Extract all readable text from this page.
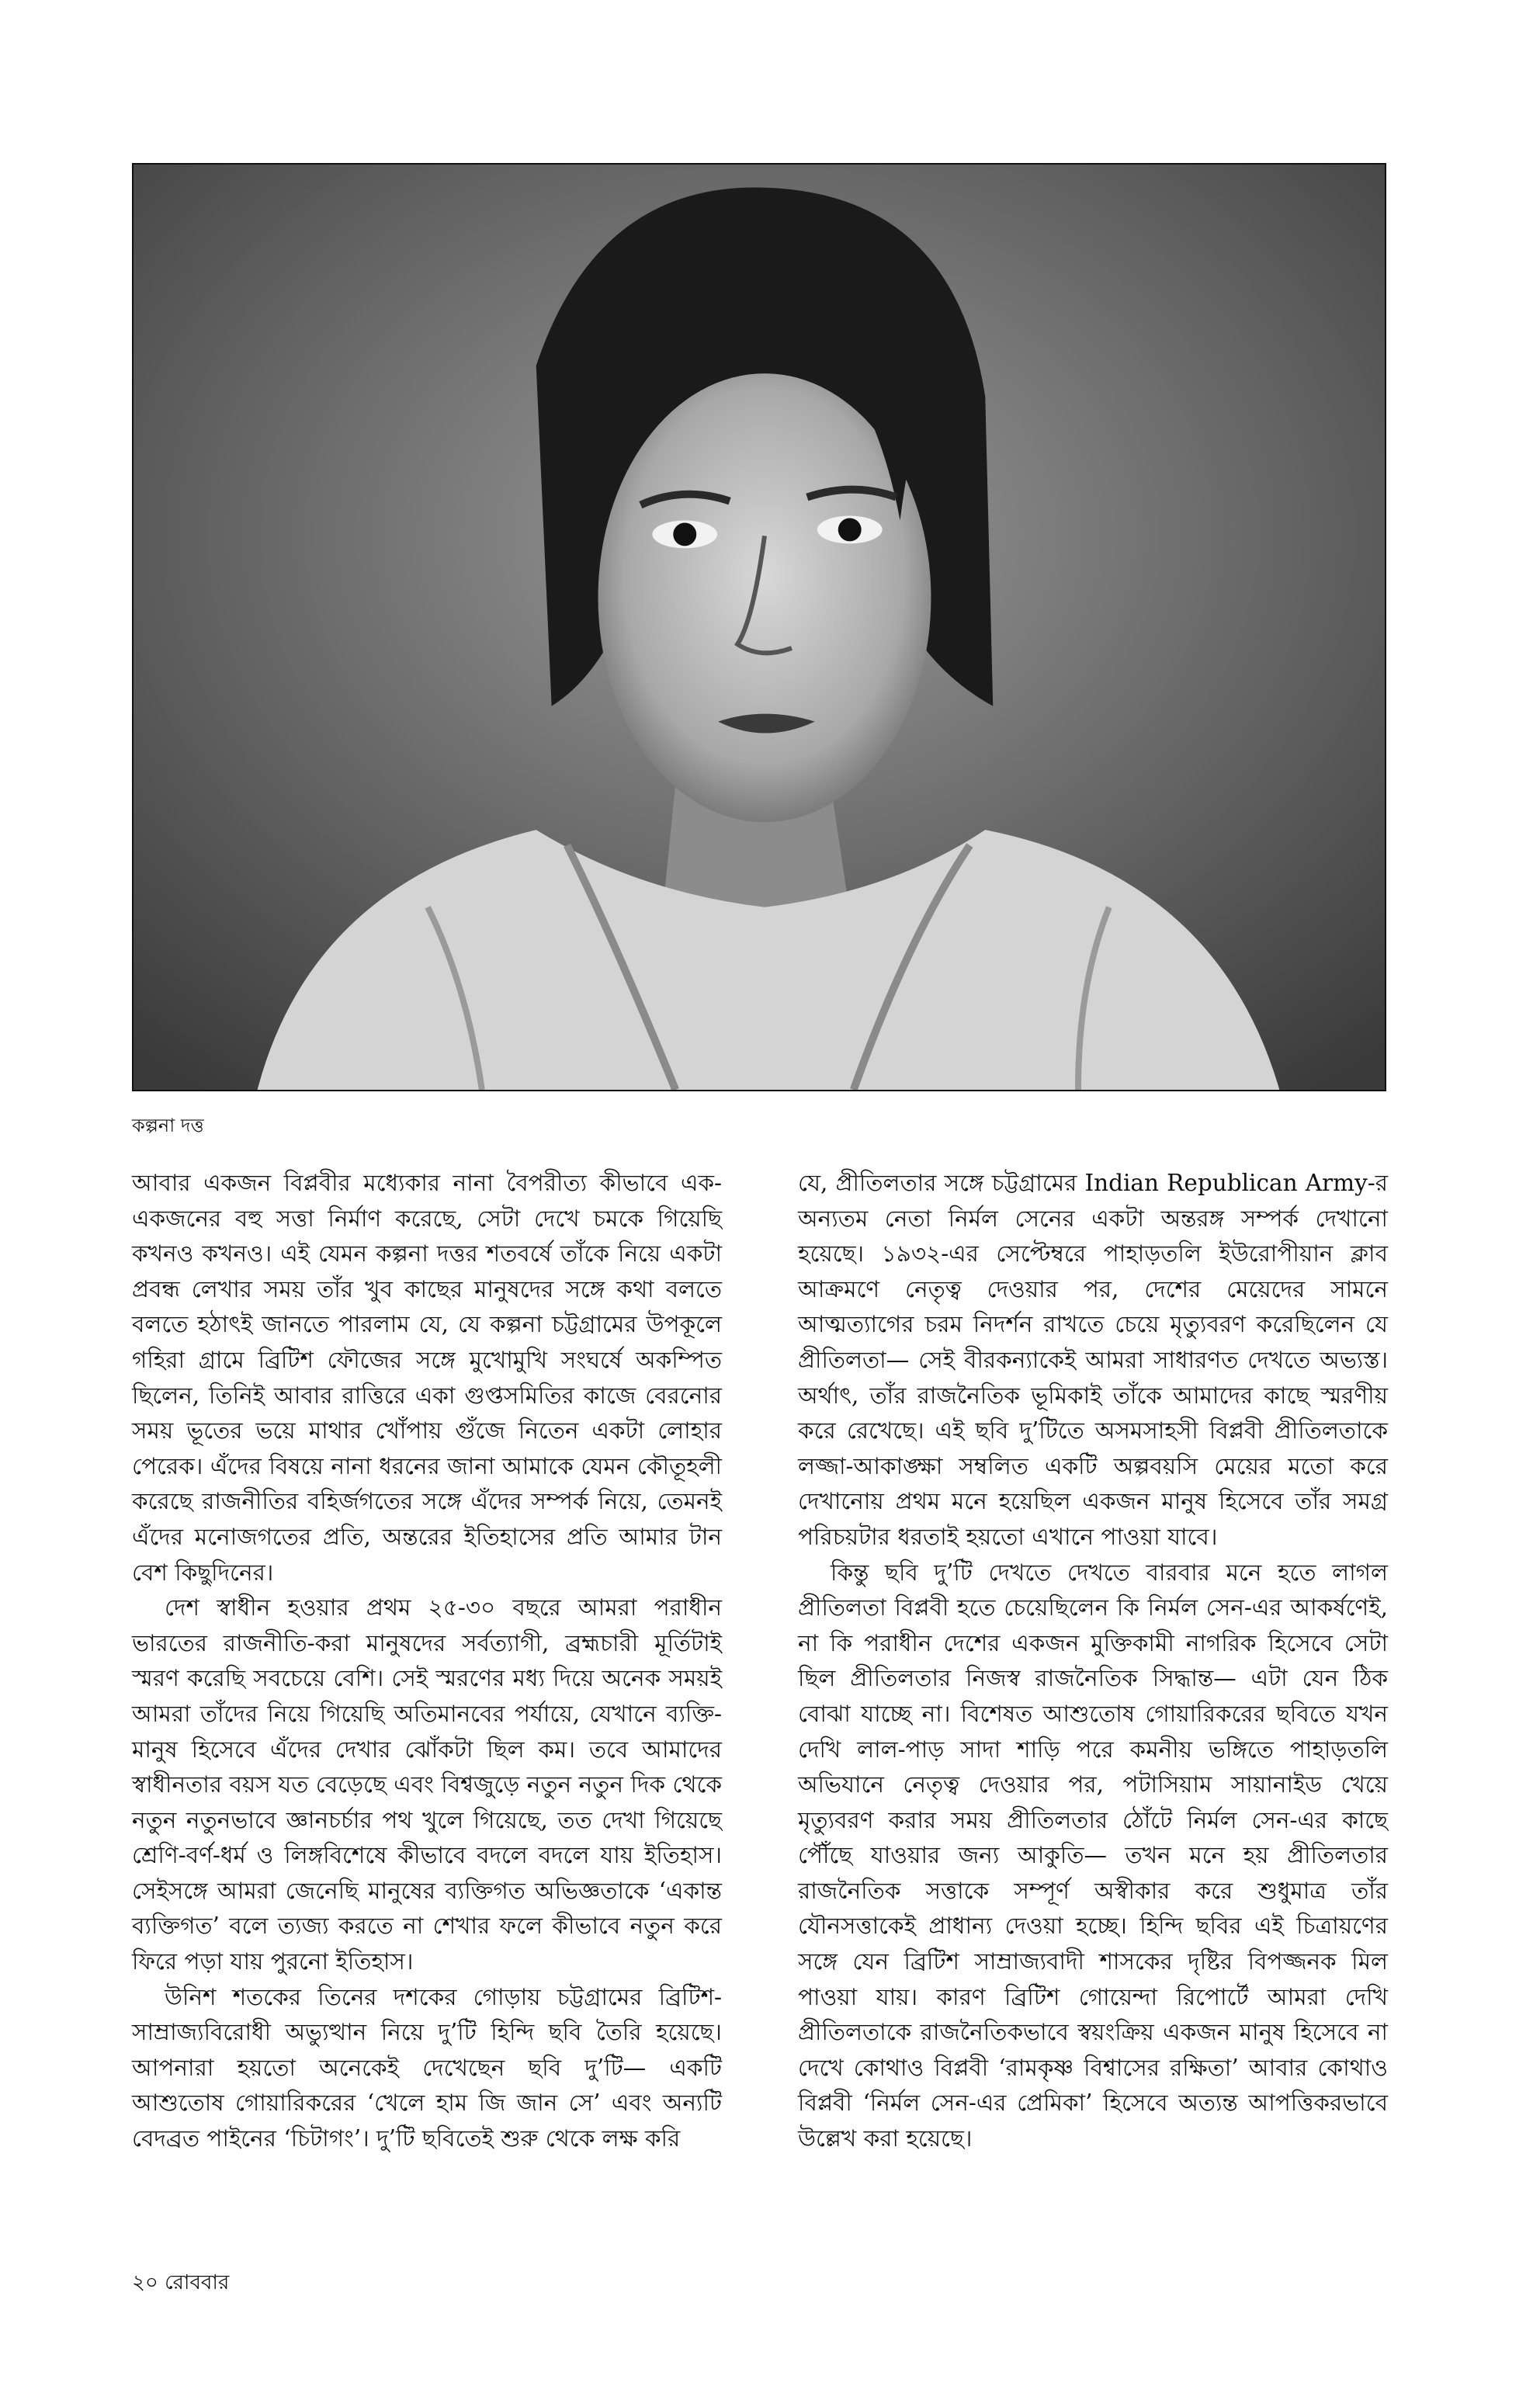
কল্পনা দত্ত

আবার একজন বিপ্লবীর মধ্যেকার নানা বৈপরীত্য কীভাবে এক-একজনের বহু সত্তা নির্মাণ করেছে, সেটা দেখে চমকে গিয়েছি কখনও কখনও। এই যেমন কল্পনা দত্তর শতবর্ষে তাঁকে নিয়ে একটা প্রবন্ধ লেখার সময় তাঁর খুব কাছের মানুষদের সঙ্গে কথা বলতে বলতে হঠাৎই জানতে পারলাম যে, যে কল্পনা চট্টগ্রামের উপকূলে গহিরা গ্রামে ব্রিটিশ ফৌজের সঙ্গে মুখোমুখি সংঘর্ষে অকম্পিত ছিলেন, তিনিই আবার রাত্তিরে একা গুপ্তসমিতির কাজে বেরনোর সময় ভূতের ভয়ে মাথার খোঁপায় গুঁজে নিতেন একটা লোহার পেরেক। এঁদের বিষয়ে নানা ধরনের জানা আমাকে যেমন কৌতূহলী করেছে রাজনীতির বহির্জগতের সঙ্গে এঁদের সম্পর্ক নিয়ে, তেমনই এঁদের মনোজগতের প্রতি, অন্তরের ইতিহাসের প্রতি আমার টান বেশ কিছুদিনের।

দেশ স্বাধীন হওয়ার প্রথম ২৫-৩০ বছরে আমরা পরাধীন ভারতের রাজনীতি-করা মানুষদের সর্বত্যাগী, ব্রহ্মচারী মূর্তিটাই স্মরণ করেছি সবচেয়ে বেশি। সেই স্মরণের মধ্য দিয়ে অনেক সময়ই আমরা তাঁদের নিয়ে গিয়েছি অতিমানবের পর্যায়ে, যেখানে ব্যক্তি-মানুষ হিসেবে এঁদের দেখার ঝোঁকটা ছিল কম। তবে আমাদের স্বাধীনতার বয়স যত বেড়েছে এবং বিশ্বজুড়ে নতুন নতুন দিক থেকে নতুন নতুনভাবে জ্ঞানচর্চার পথ খুলে গিয়েছে, তত দেখা গিয়েছে শ্রেণি-বর্ণ-ধর্ম ও লিঙ্গবিশেষে কীভাবে বদলে বদলে যায় ইতিহাস। সেইসঙ্গে আমরা জেনেছি মানুষের ব্যক্তিগত অভিজ্ঞতাকে ‘একান্ত ব্যক্তিগত’ বলে ত্যজ্য করতে না শেখার ফলে কীভাবে নতুন করে ফিরে পড়া যায় পুরনো ইতিহাস।

উনিশ শতকের তিনের দশকের গোড়ায় চট্টগ্রামের ব্রিটিশ-সাম্রাজ্যবিরোধী অভ্যুত্থান নিয়ে দু’টি হিন্দি ছবি তৈরি হয়েছে। আপনারা হয়তো অনেকেই দেখেছেন ছবি দু’টি— একটি আশুতোষ গোয়ারিকরের ‘খেলে হাম জি জান সে’ এবং অন্যটি বেদব্রত পাইনের ‘চিটাগং’। দু’টি ছবিতেই শুরু থেকে লক্ষ করি

যে, প্রীতিলতার সঙ্গে চট্টগ্রামের Indian Republican Army-র অন্যতম নেতা নির্মল সেনের একটা অন্তরঙ্গ সম্পর্ক দেখানো হয়েছে। ১৯৩২-এর সেপ্টেম্বরে পাহাড়তলি ইউরোপীয়ান ক্লাব আক্রমণে নেতৃত্ব দেওয়ার পর, দেশের মেয়েদের সামনে আত্মত্যাগের চরম নিদর্শন রাখতে চেয়ে মৃত্যুবরণ করেছিলেন যে প্রীতিলতা— সেই বীরকন্যাকেই আমরা সাধারণত দেখতে অভ্যস্ত। অর্থাৎ, তাঁর রাজনৈতিক ভূমিকাই তাঁকে আমাদের কাছে স্মরণীয় করে রেখেছে। এই ছবি দু’টিতে অসমসাহসী বিপ্লবী প্রীতিলতাকে লজ্জা-আকাঙ্ক্ষা সম্বলিত একটি অল্পবয়সি মেয়ের মতো করে দেখানোয় প্রথম মনে হয়েছিল একজন মানুষ হিসেবে তাঁর সমগ্র পরিচয়টার ধরতাই হয়তো এখানে পাওয়া যাবে।

কিন্তু ছবি দু’টি দেখতে দেখতে বারবার মনে হতে লাগল প্রীতিলতা বিপ্লবী হতে চেয়েছিলেন কি নির্মল সেন-এর আকর্ষণেই, না কি পরাধীন দেশের একজন মুক্তিকামী নাগরিক হিসেবে সেটা ছিল প্রীতিলতার নিজস্ব রাজনৈতিক সিদ্ধান্ত— এটা যেন ঠিক বোঝা যাচ্ছে না। বিশেষত আশুতোষ গোয়ারিকরের ছবিতে যখন দেখি লাল-পাড় সাদা শাড়ি পরে কমনীয় ভঙ্গিতে পাহাড়তলি অভিযানে নেতৃত্ব দেওয়ার পর, পটাসিয়াম সায়ানাইড খেয়ে মৃত্যুবরণ করার সময় প্রীতিলতার ঠোঁটে নির্মল সেন-এর কাছে পৌঁছে যাওয়ার জন্য আকুতি— তখন মনে হয় প্রীতিলতার রাজনৈতিক সত্তাকে সম্পূর্ণ অস্বীকার করে শুধুমাত্র তাঁর যৌনসত্তাকেই প্রাধান্য দেওয়া হচ্ছে। হিন্দি ছবির এই চিত্রায়ণের সঙ্গে যেন ব্রিটিশ সাম্রাজ্যবাদী শাসকের দৃষ্টির বিপজ্জনক মিল পাওয়া যায়। কারণ ব্রিটিশ গোয়েন্দা রিপোর্টে আমরা দেখি প্রীতিলতাকে রাজনৈতিকভাবে স্বয়ংক্রিয় একজন মানুষ হিসেবে না দেখে কোথাও বিপ্লবী ‘রামকৃষ্ণ বিশ্বাসের রক্ষিতা’ আবার কোথাও বিপ্লবী ‘নির্মল সেন-এর প্রেমিকা’ হিসেবে অত্যন্ত আপত্তিকরভাবে উল্লেখ করা হয়েছে।

২০ রোববার
